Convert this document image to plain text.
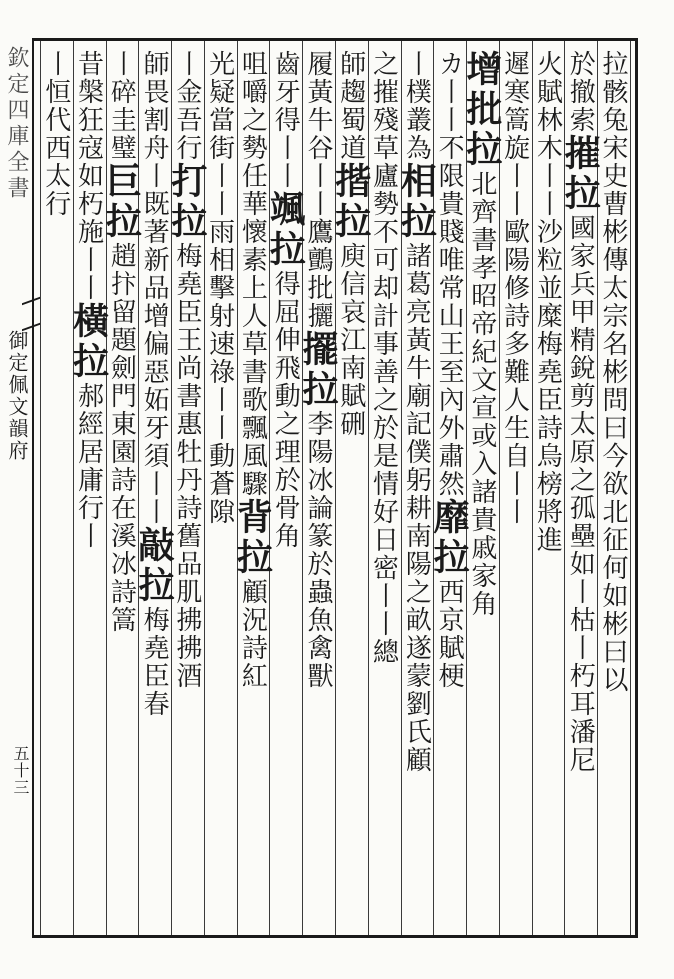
欽定四庫全書
御定佩文韻府
五十三
拉骸兔宋史曹彬傳太宗名彬問曰今欲北征何如彬曰以
於撤索摧拉國家兵甲精銳剪太原之孤壘如丨枯丨朽耳潘尼
火賦林木丨丨沙粒並糜梅堯臣詩烏榜將進
遲寒篙旋丨丨歐陽修詩多難人生自丨丨
增批拉北齊書孝昭帝紀文宣或入諸貴戚家角
カ丨丨不限貴賤唯常山王至內外肅然靡拉西京賦梗
丨樸叢為相拉諸葛亮黃牛廟記僕躬耕南陽之畝遂蒙劉氏顧
之摧殘草廬勢不可却計事善之於是情好日密丨丨總
師趨蜀道揩拉庾信哀江南賦硎
履黃牛谷丨丨鷹鸇批攦擺拉李陽冰論篆於蟲魚禽獸
齒牙得丨丨颯拉得屈伸飛動之理於骨角
咀嚼之勢任華懷素上人草書歌飄風驟背拉顧況詩紅
光疑當街丨丨雨相擊射速祿丨丨動蒼隙
丨金吾行打拉梅堯臣王尚書惠牡丹詩舊品肌拂拂酒
師畏割舟丨既著新品增偏惡妬牙須丨丨敲拉梅堯臣春
丨碎圭璧巨拉趙抃留題劍門東園詩在溪冰詩篙
昔槃狂寇如朽施丨丨橫拉郝經居庸行丨
丨恒代西太行
